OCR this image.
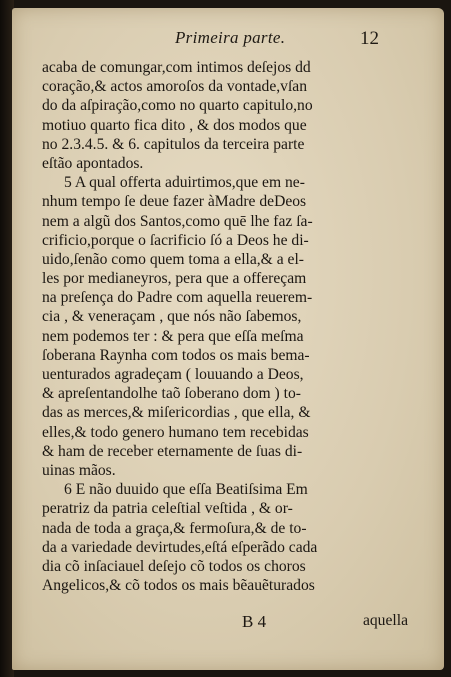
Primeira parte.	12
acaba de comungar,com intimos deſejos dd
coração,& actos amoroſos da vontade,vſan
do da aſpiração,como no quarto capitulo,no
motiuo quarto fica dito , & dos modos que
no 2.3.4.5. & 6. capitulos da terceira parte
eſtão apontados.
5 A qual offerta aduirtimos,que em ne-
nhum tempo ſe deue fazer àMadre deDeos
nem a algũ dos Santos,como quē lhe faz ſa-
crificio,porque o ſacrificio ſó a Deos he di-
uido,ſenão como quem toma a ella,& a el-
les por medianeyros, pera que a offereçam
na preſença do Padre com aquella reuerem-
cia , & veneraçam , que nós não ſabemos,
nem podemos ter : & pera que eſſa meſma
ſoberana Raynha com todos os mais bema-
uenturados agradeçam ( louuando a Deos,
& apreſentandolhe taõ ſoberano dom ) to-
das as merces,& miſericordias , que ella, &
elles,& todo genero humano tem recebidas
& ham de receber eternamente de ſuas di-
uinas mãos.
6 E não duuido que eſſa Beatiſsima Em
peratriz da patria celeſtial veſtida , & or-
nada de toda a graça,& fermoſura,& de to-
da a variedade devirtudes,eſtá eſperãdo cada
dia cõ inſaciauel deſejo cõ todos os choros
Angelicos,& cõ todos os mais bẽauẽturados
B 4	aquella
